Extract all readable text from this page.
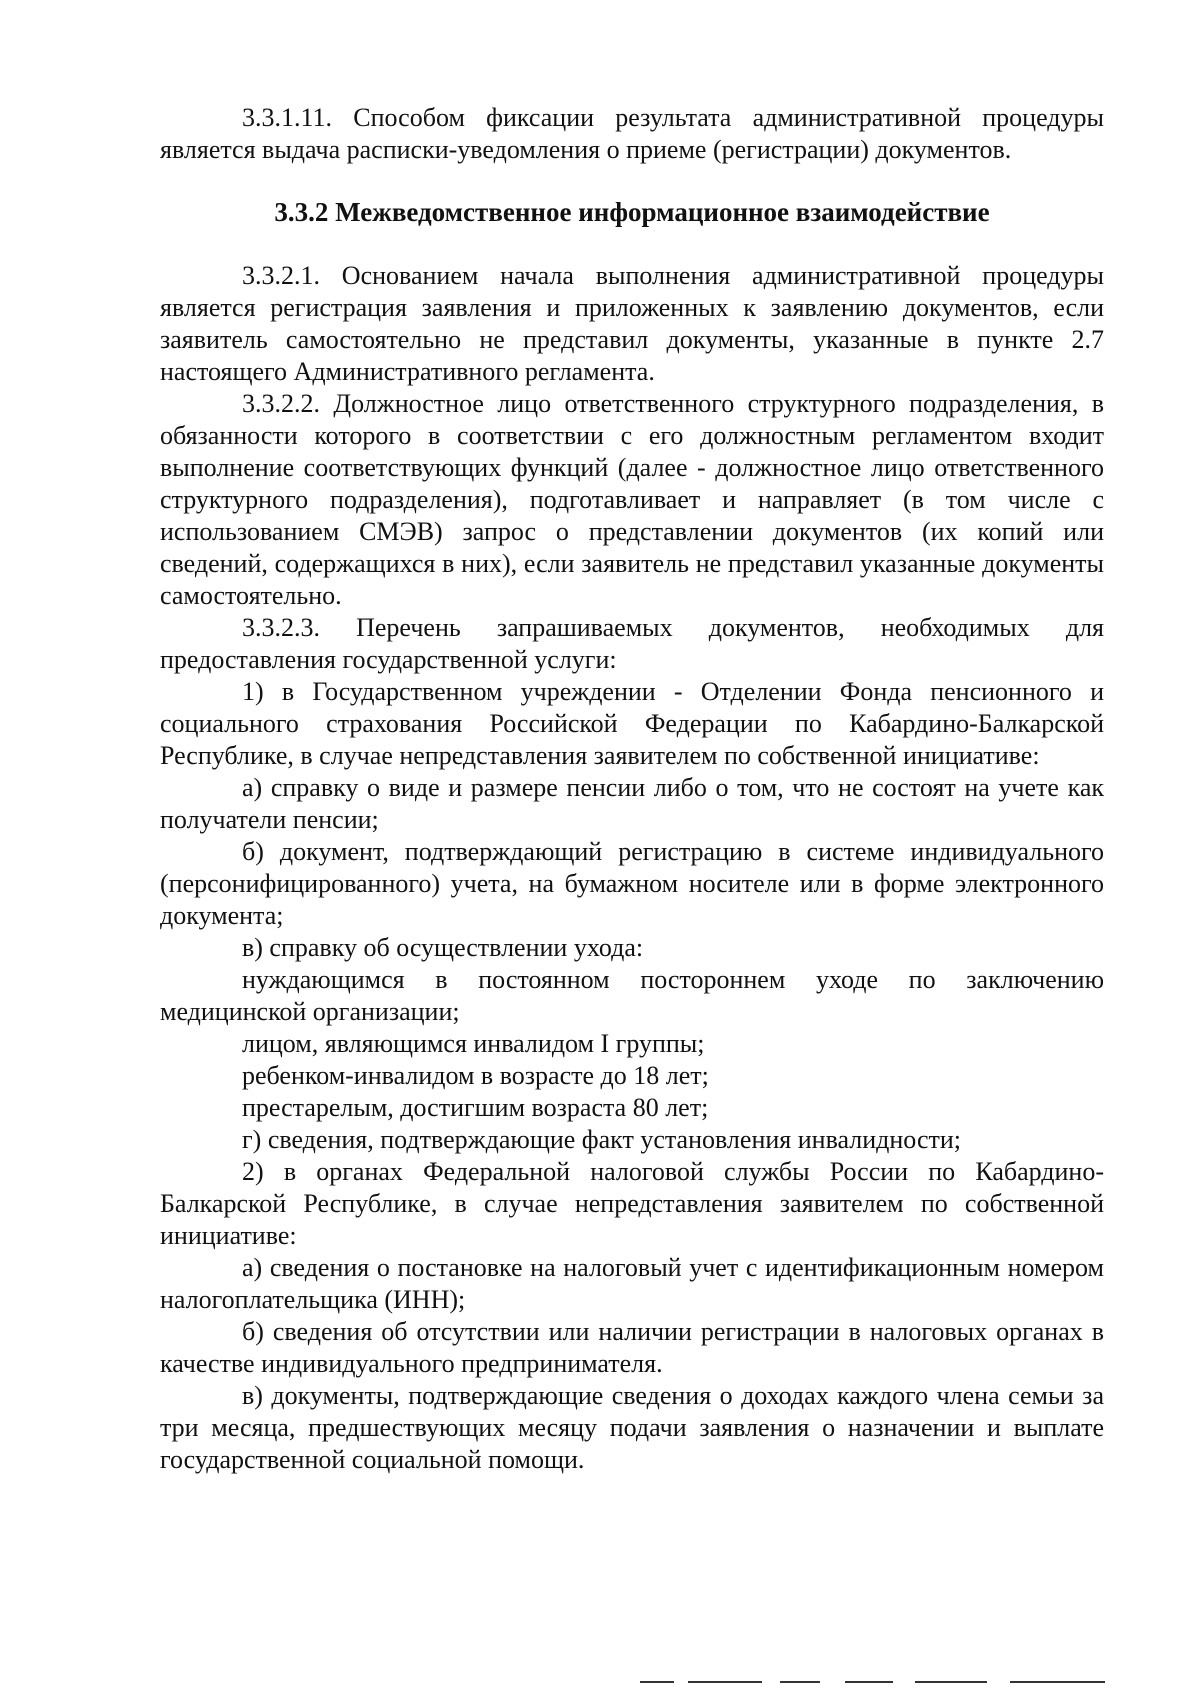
3.3.1.11. Способом фиксации результата административной процедуры является выдача расписки-уведомления о приеме (регистрации) документов.

3.3.2 Межведомственное информационное взаимодействие

3.3.2.1. Основанием начала выполнения административной процедуры является регистрация заявления и приложенных к заявлению документов, если заявитель самостоятельно не представил документы, указанные в пункте 2.7 настоящего Административного регламента.

3.3.2.2. Должностное лицо ответственного структурного подразделения, в обязанности которого в соответствии с его должностным регламентом входит выполнение соответствующих функций (далее - должностное лицо ответственного структурного подразделения), подготавливает и направляет (в том числе с использованием СМЭВ) запрос о представлении документов (их копий или сведений, содержащихся в них), если заявитель не представил указанные документы самостоятельно.

3.3.2.3. Перечень запрашиваемых документов, необходимых для предоставления государственной услуги:

1) в Государственном учреждении - Отделении Фонда пенсионного и социального страхования Российской Федерации по Кабардино-Балкарской Республике, в случае непредставления заявителем по собственной инициативе:

а) справку о виде и размере пенсии либо о том, что не состоят на учете как получатели пенсии;

б) документ, подтверждающий регистрацию в системе индивидуального (персонифицированного) учета, на бумажном носителе или в форме электронного документа;

в) справку об осуществлении ухода:

нуждающимся в постоянном постороннем уходе по заключению медицинской организации;

лицом, являющимся инвалидом I группы;

ребенком-инвалидом в возрасте до 18 лет;

престарелым, достигшим возраста 80 лет;

г) сведения, подтверждающие факт установления инвалидности;

2) в органах Федеральной налоговой службы России по Кабардино-Балкарской Республике, в случае непредставления заявителем по собственной инициативе:

а) сведения о постановке на налоговый учет с идентификационным номером налогоплательщика (ИНН);

б) сведения об отсутствии или наличии регистрации в налоговых органах в качестве индивидуального предпринимателя.

в) документы, подтверждающие сведения о доходах каждого члена семьи за три месяца, предшествующих месяцу подачи заявления о назначении и выплате государственной социальной помощи.
